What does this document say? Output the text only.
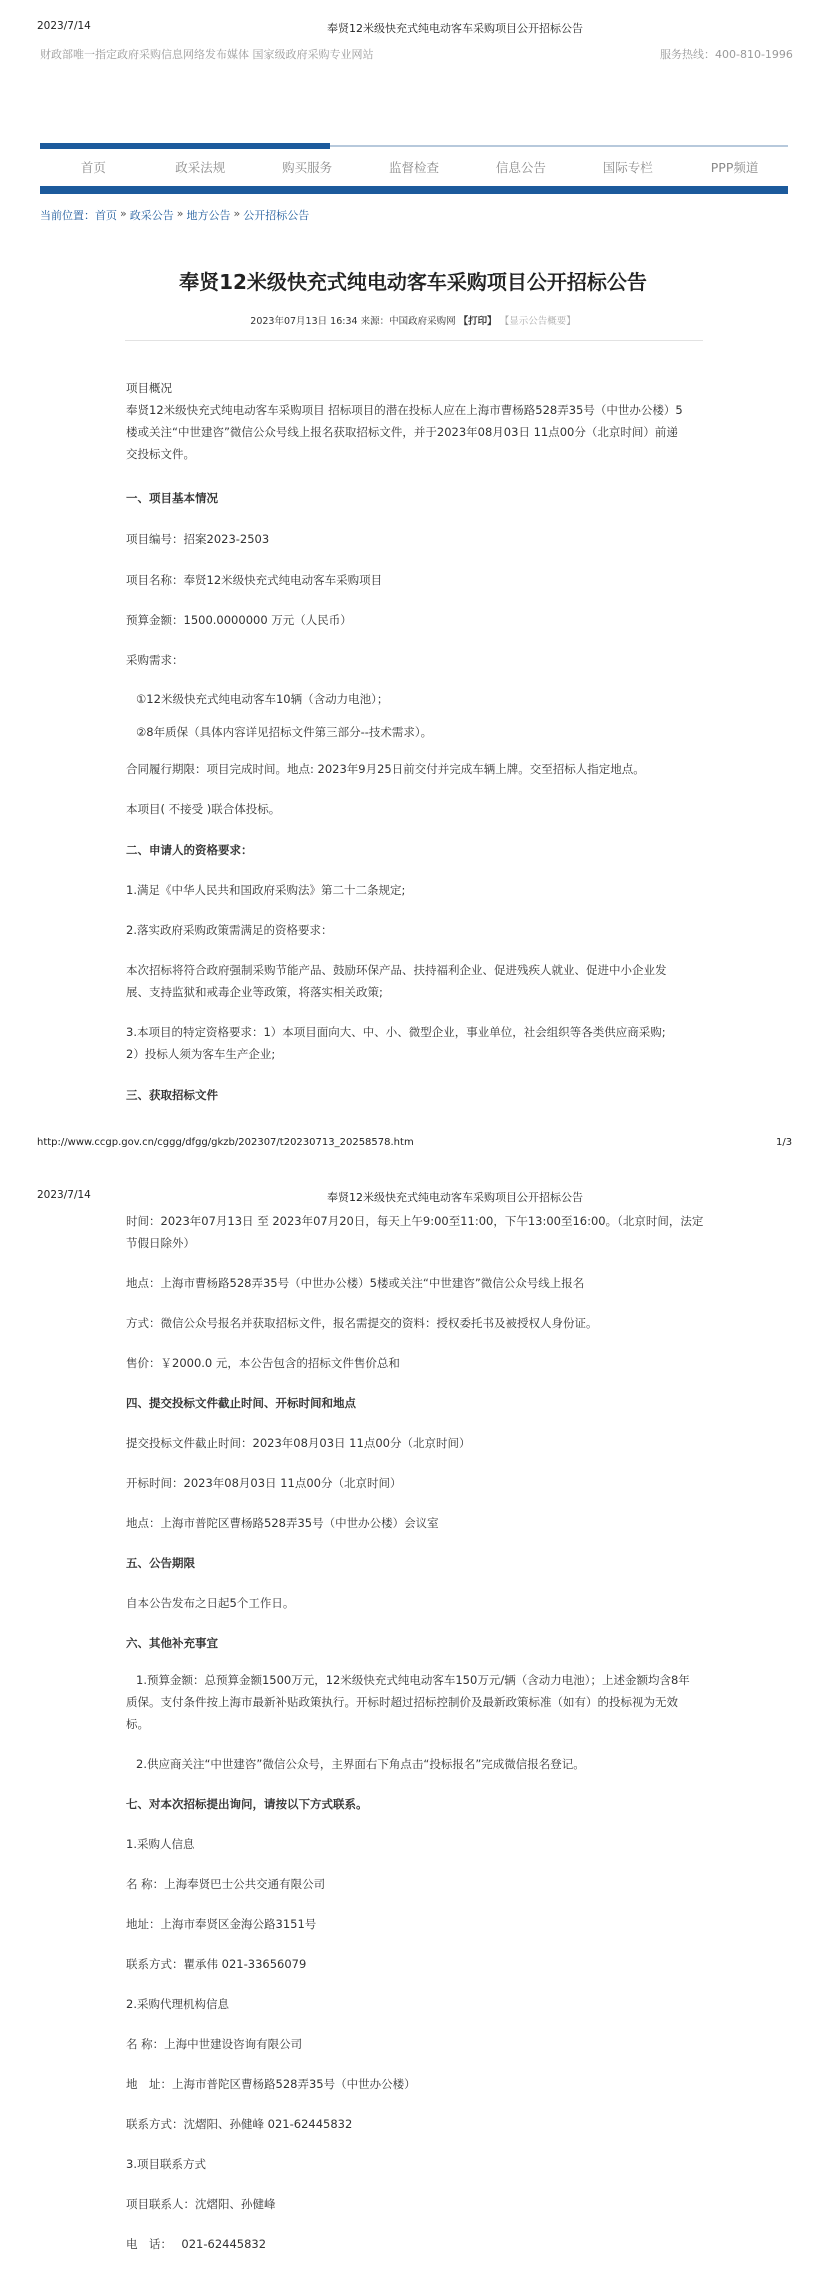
2023/7/14	奉贤12米级快充式纯电动客车采购项目公开招标公告
财政部唯一指定政府采购信息网络发布媒体 国家级政府采购专业网站	服务热线：400-810-1996
首页	政采法规	购买服务	监督检查	信息公告	国际专栏	PPP频道
当前位置： 首页 » 政采公告 » 地方公告 » 公开招标公告
奉贤12米级快充式纯电动客车采购项目公开招标公告
2023年07月13日 16:34 来源：中国政府采购网 【打印】 【显示公告概要】
项目概况
奉贤12米级快充式纯电动客车采购项目 招标项目的潜在投标人应在上海市曹杨路528弄35号（中世办公楼）5
楼或关注“中世建咨”微信公众号线上报名获取招标文件，并于2023年08月03日 11点00分（北京时间）前递
交投标文件。
一、项目基本情况
项目编号：招案2023-2503
项目名称：奉贤12米级快充式纯电动客车采购项目
预算金额：1500.0000000 万元（人民币）
采购需求：
①12米级快充式纯电动客车10辆（含动力电池）；
②8年质保（具体内容详见招标文件第三部分--技术需求）。
合同履行期限：项目完成时间。地点: 2023年9月25日前交付并完成车辆上牌。交至招标人指定地点。
本项目( 不接受 )联合体投标。
二、申请人的资格要求：
1.满足《中华人民共和国政府采购法》第二十二条规定;
2.落实政府采购政策需满足的资格要求：
本次招标将符合政府强制采购节能产品、鼓励环保产品、扶持福利企业、促进残疾人就业、促进中小企业发
展、支持监狱和戒毒企业等政策，将落实相关政策;
3.本项目的特定资格要求：1）本项目面向大、中、小、微型企业，事业单位，社会组织等各类供应商采购;
2）投标人须为客车生产企业;
三、获取招标文件
http://www.ccgp.gov.cn/cggg/dfgg/gkzb/202307/t20230713_20258578.htm	1/3
2023/7/14	奉贤12米级快充式纯电动客车采购项目公开招标公告
时间：2023年07月13日 至 2023年07月20日，每天上午9:00至11:00，下午13:00至16:00。（北京时间，法定
节假日除外）
地点：上海市曹杨路528弄35号（中世办公楼）5楼或关注“中世建咨”微信公众号线上报名
方式：微信公众号报名并获取招标文件，报名需提交的资料：授权委托书及被授权人身份证。
售价：￥2000.0 元，本公告包含的招标文件售价总和
四、提交投标文件截止时间、开标时间和地点
提交投标文件截止时间：2023年08月03日 11点00分（北京时间）
开标时间：2023年08月03日 11点00分（北京时间）
地点：上海市普陀区曹杨路528弄35号（中世办公楼）会议室
五、公告期限
自本公告发布之日起5个工作日。
六、其他补充事宜
1.预算金额：总预算金额1500万元，12米级快充式纯电动客车150万元/辆（含动力电池）；上述金额均含8年
质保。支付条件按上海市最新补贴政策执行。开标时超过招标控制价及最新政策标准（如有）的投标视为无效
标。
2.供应商关注“中世建咨”微信公众号，主界面右下角点击“投标报名”完成微信报名登记。
七、对本次招标提出询问，请按以下方式联系。
1.采购人信息
名 称：上海奉贤巴士公共交通有限公司
地址：上海市奉贤区金海公路3151号
联系方式：瞿承伟 021-33656079
2.采购代理机构信息
名 称：上海中世建设咨询有限公司
地　址：上海市普陀区曹杨路528弄35号（中世办公楼）
联系方式：沈熠阳、孙健峰 021-62445832
3.项目联系方式
项目联系人：沈熠阳、孙健峰
电　话：　 021-62445832
